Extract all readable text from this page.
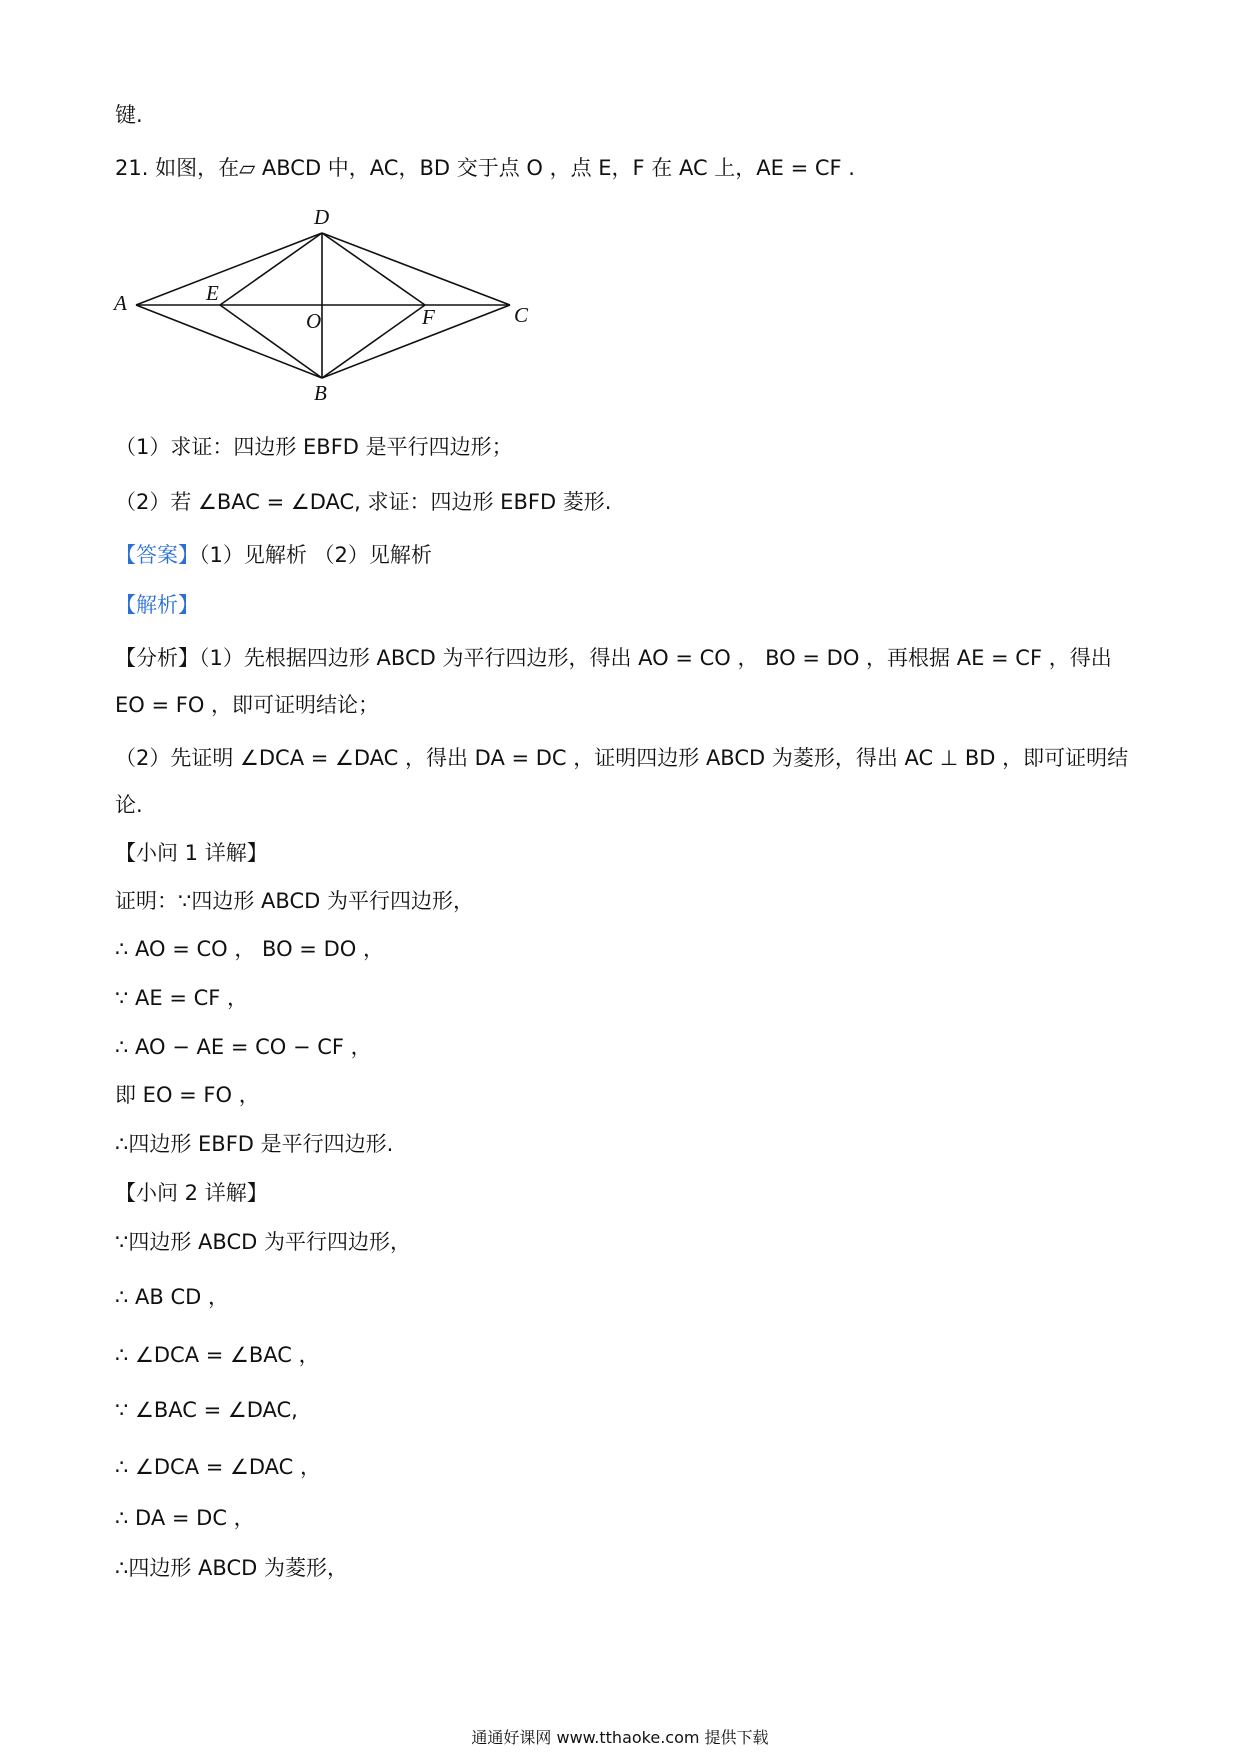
键.
21. 如图，在▱ ABCD 中，AC，BD 交于点 O ，点 E，F 在 AC 上，AE = CF .
A
D
C
B
E
O	F
（1）求证：四边形 EBFD 是平行四边形；
（2）若 ∠BAC = ∠DAC, 求证：四边形 EBFD 菱形.
【答案】（1）见解析 （2）见解析
【解析】
【分析】（1）先根据四边形 ABCD 为平行四边形，得出 AO = CO ， BO = DO ，再根据 AE = CF ，得出
EO = FO ，即可证明结论；
（2）先证明 ∠DCA = ∠DAC ，得出 DA = DC ，证明四边形 ABCD 为菱形，得出 AC ⊥ BD ，即可证明结
论.
【小问 1 详解】
证明：∵四边形 ABCD 为平行四边形，
∴ AO = CO ， BO = DO ，
∵ AE = CF ，
∴ AO − AE = CO − CF ，
即 EO = FO ，
∴四边形 EBFD 是平行四边形.
【小问 2 详解】
∵四边形 ABCD 为平行四边形，
∴ AB CD ，
∴ ∠DCA = ∠BAC ，
∵ ∠BAC = ∠DAC,
∴ ∠DCA = ∠DAC ，
∴ DA = DC ，
∴四边形 ABCD 为菱形，
通通好课网 www.tthaoke.com 提供下载
